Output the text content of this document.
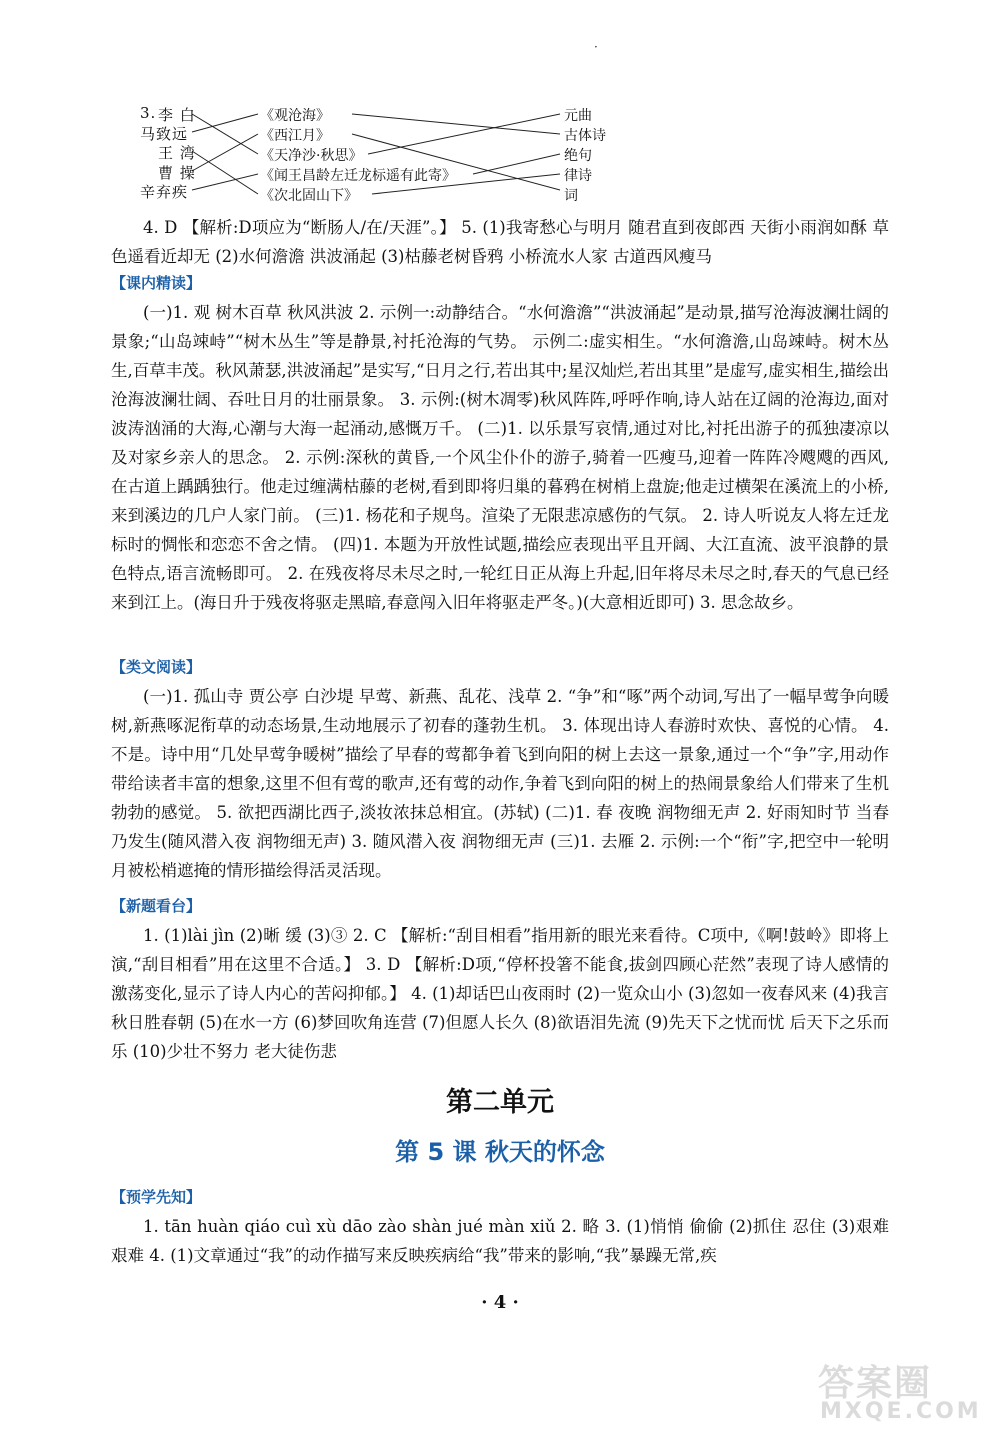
·
3. 李 白
马致远
王 湾
曹 操
辛弃疾
《观沧海》
《西江月》
《天净沙·秋思》
《闻王昌龄左迁龙标遥有此寄》
《次北固山下》
元曲
古体诗
绝句
律诗
词

4. D 【解析:D项应为“断肠人/在/天涯”。】 5. (1)我寄愁心与明月 随君直到夜郎西 天街小雨润如酥 草色遥看近却无 (2)水何澹澹 洪波涌起 (3)枯藤老树昏鸦 小桥流水人家 古道西风瘦马

【课内精读】

(一)1. 观 树木百草 秋风洪波 2. 示例一:动静结合。“水何澹澹”“洪波涌起”是动景,描写沧海波澜壮阔的景象;“山岛竦峙”“树木丛生”等是静景,衬托沧海的气势。 示例二:虚实相生。“水何澹澹,山岛竦峙。树木丛生,百草丰茂。秋风萧瑟,洪波涌起”是实写,“日月之行,若出其中;星汉灿烂,若出其里”是虚写,虚实相生,描绘出沧海波澜壮阔、吞吐日月的壮丽景象。 3. 示例:(树木凋零)秋风阵阵,呼呼作响,诗人站在辽阔的沧海边,面对波涛汹涌的大海,心潮与大海一起涌动,感慨万千。 (二)1. 以乐景写哀情,通过对比,衬托出游子的孤独凄凉以及对家乡亲人的思念。 2. 示例:深秋的黄昏,一个风尘仆仆的游子,骑着一匹瘦马,迎着一阵阵冷飕飕的西风,在古道上踽踽独行。他走过缠满枯藤的老树,看到即将归巢的暮鸦在树梢上盘旋;他走过横架在溪流上的小桥,来到溪边的几户人家门前。 (三)1. 杨花和子规鸟。渲染了无限悲凉感伤的气氛。 2. 诗人听说友人将左迁龙标时的惆怅和恋恋不舍之情。 (四)1. 本题为开放性试题,描绘应表现出平且开阔、大江直流、波平浪静的景色特点,语言流畅即可。 2. 在残夜将尽未尽之时,一轮红日正从海上升起,旧年将尽未尽之时,春天的气息已经来到江上。(海日升于残夜将驱走黑暗,春意闯入旧年将驱走严冬。)(大意相近即可) 3. 思念故乡。

【类文阅读】

(一)1. 孤山寺 贾公亭 白沙堤 早莺、新燕、乱花、浅草 2. “争”和“啄”两个动词,写出了一幅早莺争向暖树,新燕啄泥衔草的动态场景,生动地展示了初春的蓬勃生机。 3. 体现出诗人春游时欢快、喜悦的心情。 4. 不是。诗中用“几处早莺争暖树”描绘了早春的莺都争着飞到向阳的树上去这一景象,通过一个“争”字,用动作带给读者丰富的想象,这里不但有莺的歌声,还有莺的动作,争着飞到向阳的树上的热闹景象给人们带来了生机勃勃的感觉。 5. 欲把西湖比西子,淡妆浓抹总相宜。(苏轼) (二)1. 春 夜晚 润物细无声 2. 好雨知时节 当春乃发生(随风潜入夜 润物细无声) 3. 随风潜入夜 润物细无声 (三)1. 去雁 2. 示例:一个“衔”字,把空中一轮明月被松梢遮掩的情形描绘得活灵活现。

【新题看台】

1. (1)lài jìn (2)晰 缓 (3)③ 2. C 【解析:“刮目相看”指用新的眼光来看待。C项中,《啊!鼓岭》即将上演,“刮目相看”用在这里不合适。】 3. D 【解析:D项,“停杯投箸不能食,拔剑四顾心茫然”表现了诗人感情的激荡变化,显示了诗人内心的苦闷抑郁。】 4. (1)却话巴山夜雨时 (2)一览众山小 (3)忽如一夜春风来 (4)我言秋日胜春朝 (5)在水一方 (6)梦回吹角连营 (7)但愿人长久 (8)欲语泪先流 (9)先天下之忧而忧 后天下之乐而乐 (10)少壮不努力 老大徒伤悲

第二单元
第 5 课 秋天的怀念
【预学先知】

1. tān huàn qiáo cuì xù dāo zào shàn jué màn xiǔ 2. 略 3. (1)悄悄 偷偷 (2)抓住 忍住 (3)艰难 艰难 4. (1)文章通过“我”的动作描写来反映疾病给“我”带来的影响,“我”暴躁无常,疾

· 4 ·
答案圈
MXQE.COM
